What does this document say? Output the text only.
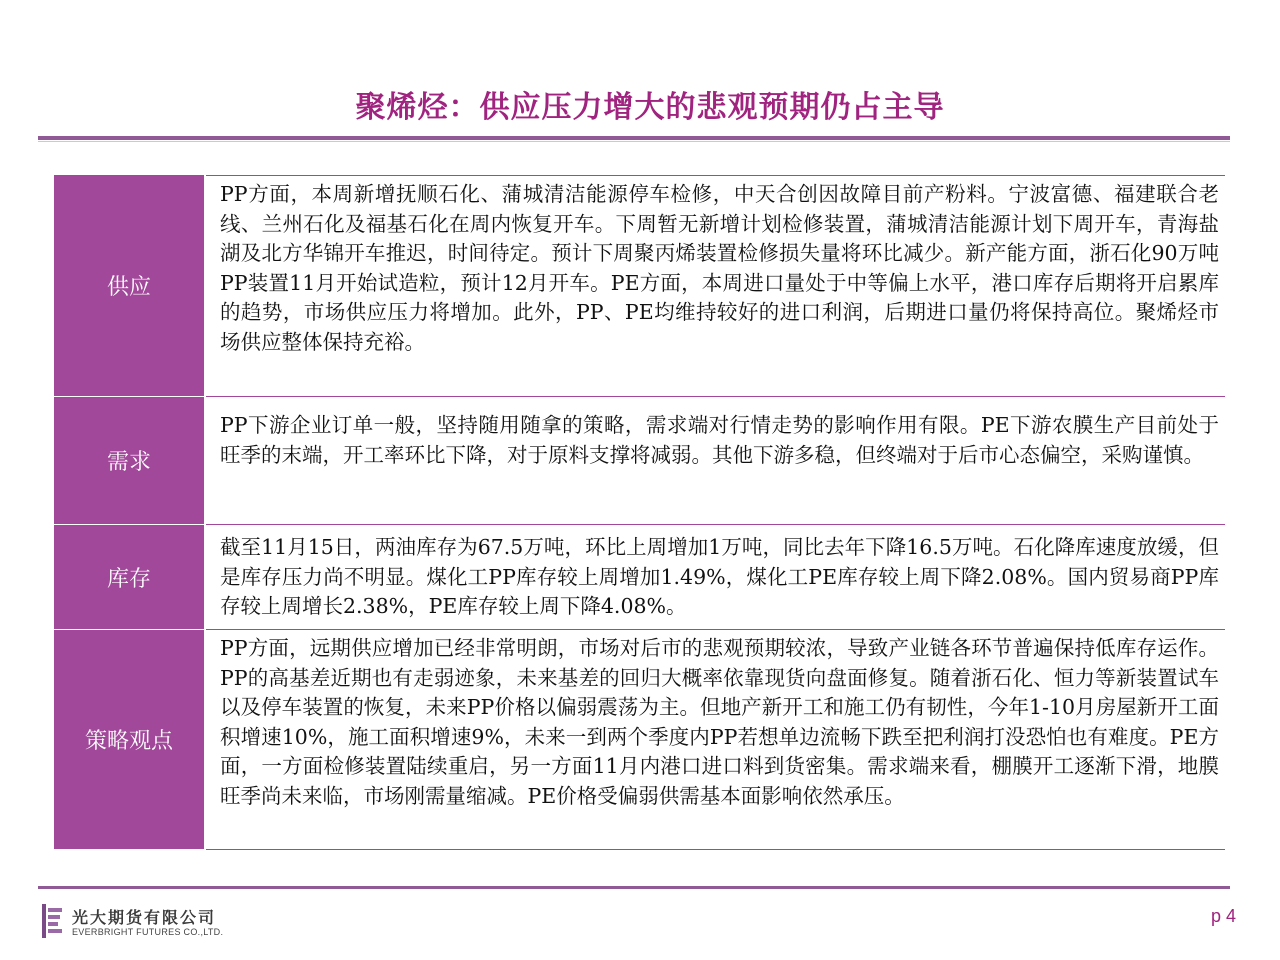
聚烯烃：供应压力增大的悲观预期仍占主导
供应
PP方面，本周新增抚顺石化、蒲城清洁能源停车检修，中天合创因故障目前产粉料。宁波富德、福建联合老线、兰州石化及福基石化在周内恢复开车。下周暂无新增计划检修装置，蒲城清洁能源计划下周开车，青海盐湖及北方华锦开车推迟，时间待定。预计下周聚丙烯装置检修损失量将环比减少。新产能方面，浙石化90万吨PP装置11月开始试造粒，预计12月开车。PE方面，本周进口量处于中等偏上水平，港口库存后期将开启累库的趋势，市场供应压力将增加。此外，PP、PE均维持较好的进口利润，后期进口量仍将保持高位。聚烯烃市场供应整体保持充裕。
需求
PP下游企业订单一般，坚持随用随拿的策略，需求端对行情走势的影响作用有限。PE下游农膜生产目前处于旺季的末端，开工率环比下降，对于原料支撑将减弱。其他下游多稳，但终端对于后市心态偏空，采购谨慎。
库存
截至11月15日，两油库存为67.5万吨，环比上周增加1万吨，同比去年下降16.5万吨。石化降库速度放缓，但是库存压力尚不明显。煤化工PP库存较上周增加1.49%，煤化工PE库存较上周下降2.08%。国内贸易商PP库存较上周增长2.38%，PE库存较上周下降4.08%。
策略观点
PP方面，远期供应增加已经非常明朗，市场对后市的悲观预期较浓，导致产业链各环节普遍保持低库存运作。PP的高基差近期也有走弱迹象，未来基差的回归大概率依靠现货向盘面修复。随着浙石化、恒力等新装置试车以及停车装置的恢复，未来PP价格以偏弱震荡为主。但地产新开工和施工仍有韧性，今年1-10月房屋新开工面积增速10%，施工面积增速9%，未来一到两个季度内PP若想单边流畅下跌至把利润打没恐怕也有难度。PE方面，一方面检修装置陆续重启，另一方面11月内港口进口料到货密集。需求端来看，棚膜开工逐渐下滑，地膜旺季尚未来临，市场刚需量缩减。PE价格受偏弱供需基本面影响依然承压。
光大期货有限公司
EVERBRIGHT FUTURES CO.,LTD.
p 4
